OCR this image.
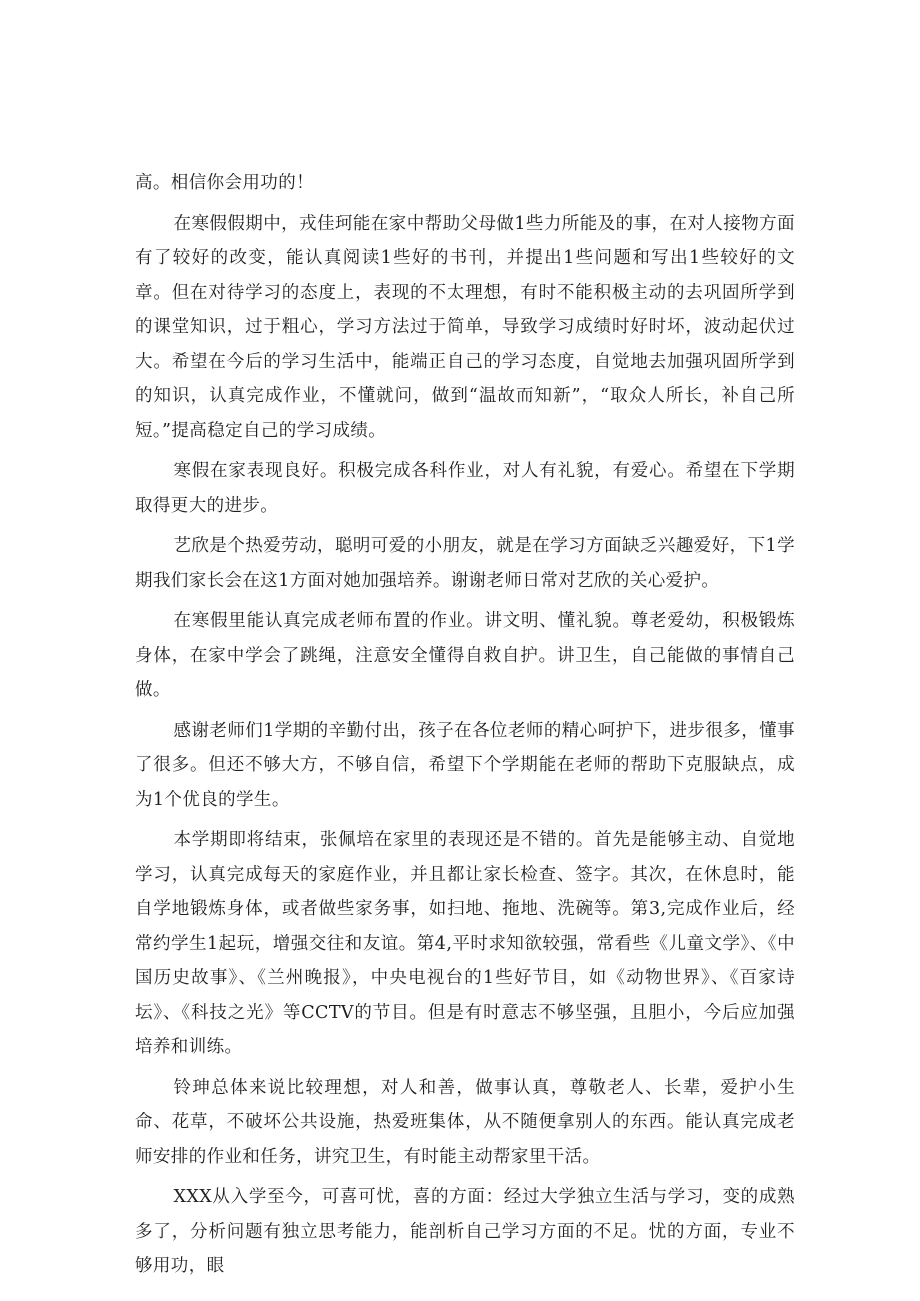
高。相信你会用功的！

在寒假假期中，戎佳珂能在家中帮助父母做1些力所能及的事，在对人接物方面有了较好的改变，能认真阅读1些好的书刊，并提出1些问题和写出1些较好的文章。但在对待学习的态度上，表现的不太理想，有时不能积极主动的去巩固所学到的课堂知识，过于粗心，学习方法过于简单，导致学习成绩时好时坏，波动起伏过大。希望在今后的学习生活中，能端正自己的学习态度，自觉地去加强巩固所学到的知识，认真完成作业，不懂就问，做到“温故而知新”，“取众人所长，补自己所短。”提高稳定自己的学习成绩。

寒假在家表现良好。积极完成各科作业，对人有礼貌，有爱心。希望在下学期取得更大的进步。

艺欣是个热爱劳动，聪明可爱的小朋友，就是在学习方面缺乏兴趣爱好，下1学期我们家长会在这1方面对她加强培养。谢谢老师日常对艺欣的关心爱护。

在寒假里能认真完成老师布置的作业。讲文明、懂礼貌。尊老爱幼，积极锻炼身体，在家中学会了跳绳，注意安全懂得自救自护。讲卫生，自己能做的事情自己做。

感谢老师们1学期的辛勤付出，孩子在各位老师的精心呵护下，进步很多，懂事了很多。但还不够大方，不够自信，希望下个学期能在老师的帮助下克服缺点，成为1个优良的学生。

本学期即将结束，张佩培在家里的表现还是不错的。首先是能够主动、自觉地学习，认真完成每天的家庭作业，并且都让家长检查、签字。其次，在休息时，能自学地锻炼身体，或者做些家务事，如扫地、拖地、洗碗等。第3,完成作业后，经常约学生1起玩，增强交往和友谊。第4,平时求知欲较强，常看些《儿童文学》、《中国历史故事》、《兰州晚报》，中央电视台的1些好节目，如《动物世界》、《百家诗坛》、《科技之光》等CCTV的节目。但是有时意志不够坚强，且胆小，今后应加强培养和训练。

铃珅总体来说比较理想，对人和善，做事认真，尊敬老人、长辈，爱护小生命、花草，不破坏公共设施，热爱班集体，从不随便拿别人的东西。能认真完成老师安排的作业和任务，讲究卫生，有时能主动帮家里干活。

XXX从入学至今，可喜可忧，喜的方面：经过大学独立生活与学习，变的成熟多了，分析问题有独立思考能力，能剖析自己学习方面的不足。忧的方面，专业不够用功，眼
